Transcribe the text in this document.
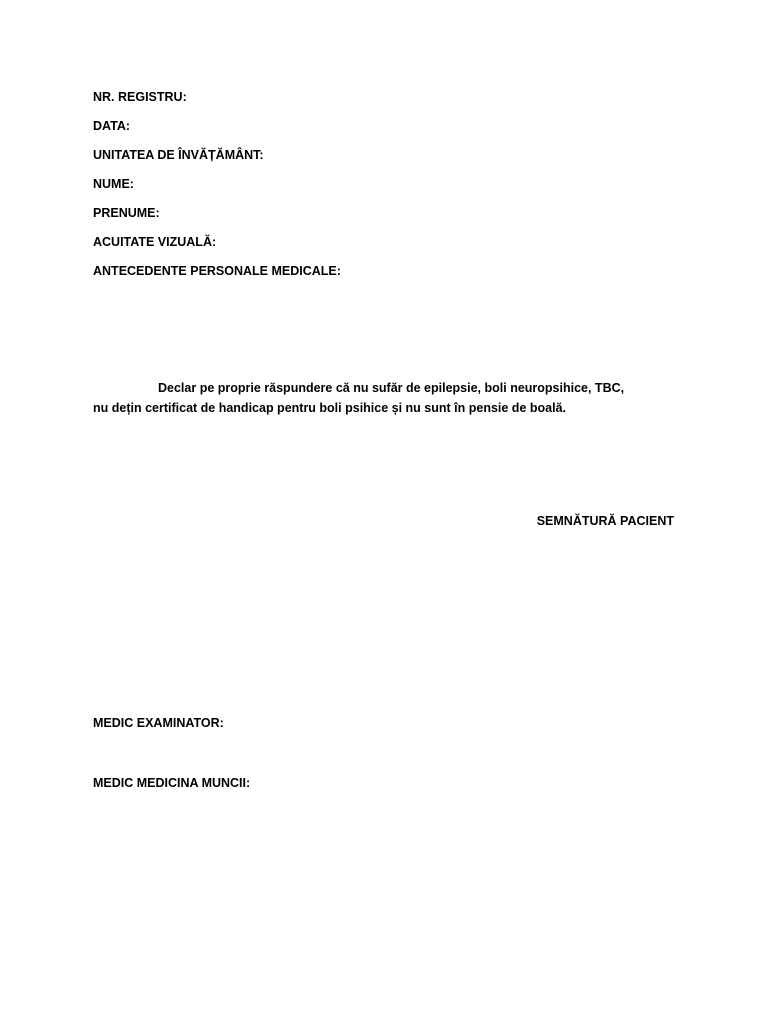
NR. REGISTRU:
DATA:
UNITATEA DE ÎNVĂȚĂMÂNT:
NUME:
PRENUME:
ACUITATE VIZUALĂ:
ANTECEDENTE PERSONALE MEDICALE:
Declar pe proprie răspundere că nu sufăr de epilepsie, boli neuropsihice, TBC,
nu dețin certificat de handicap pentru boli psihice și nu sunt în pensie de boală.
SEMNĂTURĂ PACIENT
MEDIC EXAMINATOR:
MEDIC MEDICINA MUNCII:
